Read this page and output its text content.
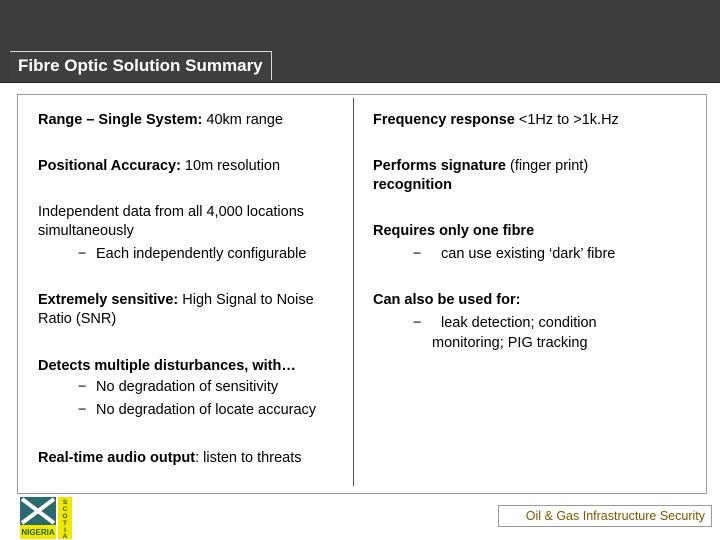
Fibre Optic Solution Summary
Range – Single System: 40km range
Positional Accuracy: 10m resolution
Independent data from all 4,000 locations simultaneously
− Each independently configurable
Extremely sensitive: High Signal to Noise Ratio (SNR)
Detects multiple disturbances, with…
− No degradation of sensitivity
− No degradation of locate accuracy
Real-time audio output: listen to threats
Frequency response <1Hz to >1k.Hz
Performs signature (finger print)
recognition
Requires only one fibre
− can use existing ‘dark’ fibre
Can also be used for:
− leak detection; condition
monitoring; PIG tracking
NIGERIA
S
C
O
T
I
A
Oil & Gas Infrastructure Security
